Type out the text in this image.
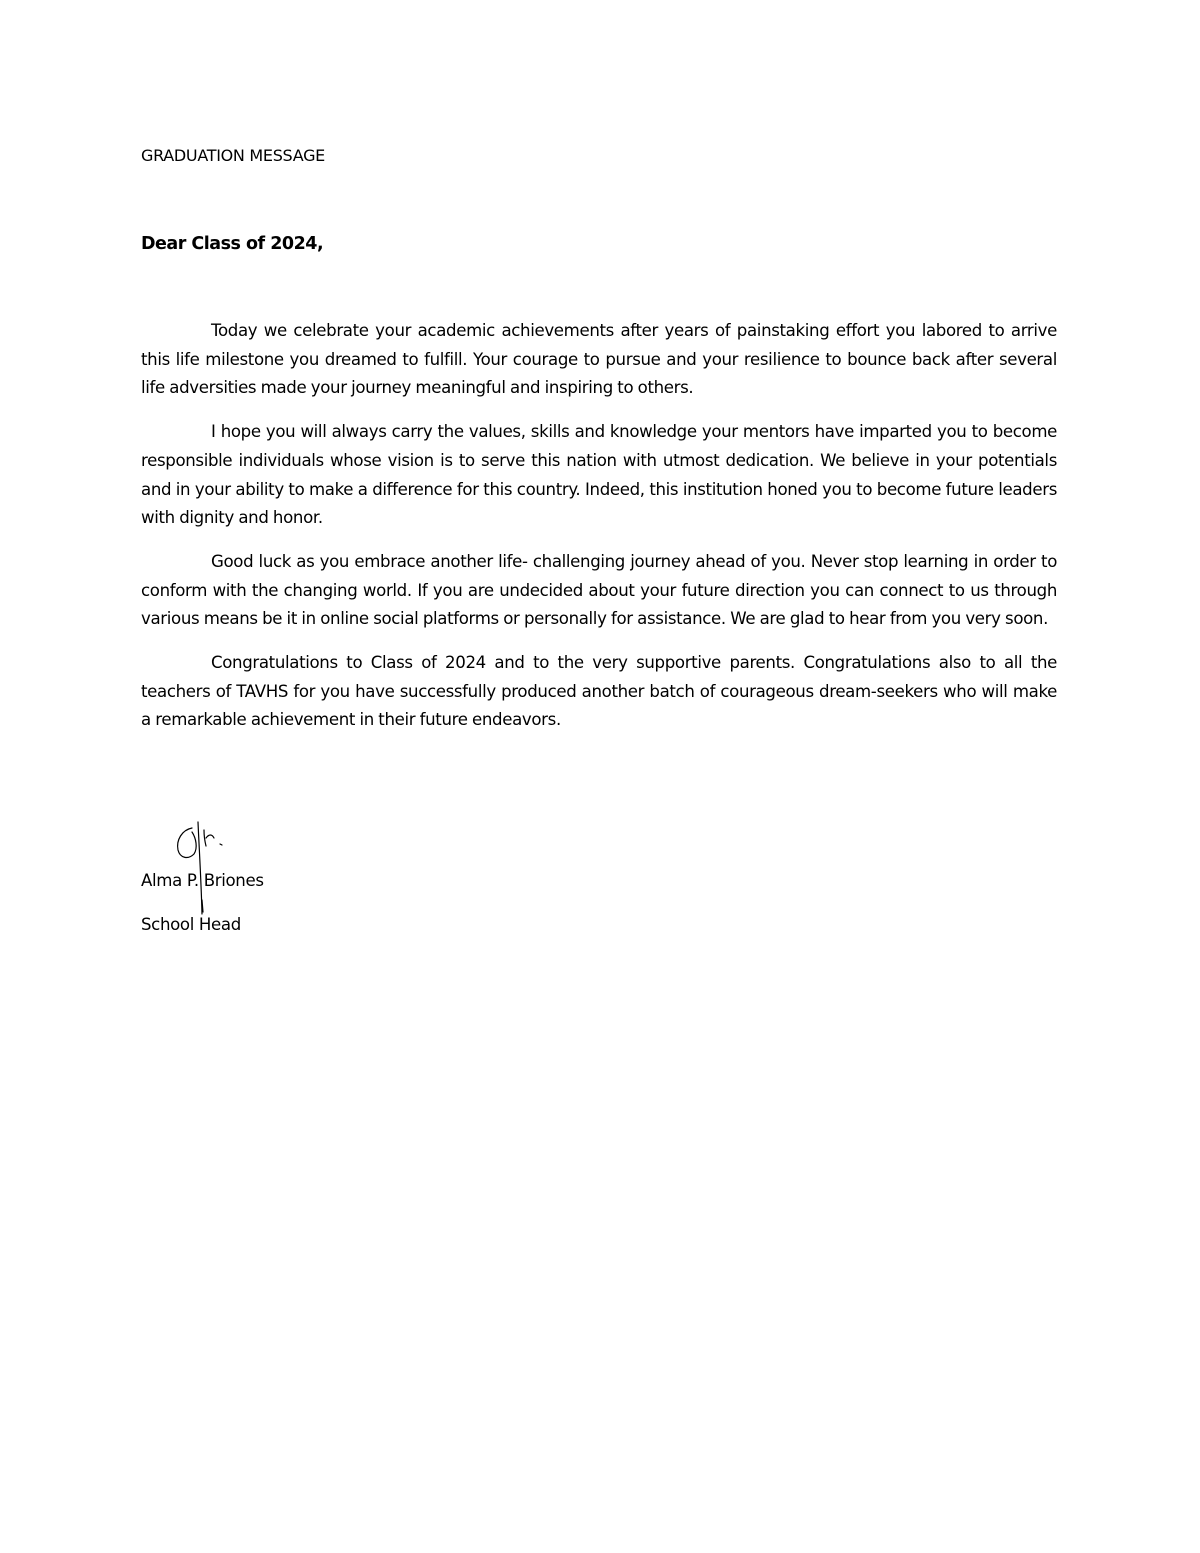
GRADUATION MESSAGE
Dear Class of 2024,

Today we celebrate your academic achievements after years of painstaking effort you labored to arrive this life milestone you dreamed to fulfill. Your courage to pursue and your resilience to bounce back after several life adversities made your journey meaningful and inspiring to others.

I hope you will always carry the values, skills and knowledge your mentors have imparted you to become responsible individuals whose vision is to serve this nation with utmost dedication. We believe in your potentials and in your ability to make a difference for this country. Indeed, this institution honed you to become future leaders with dignity and honor.

Good luck as you embrace another life- challenging journey ahead of you. Never stop learning in order to conform with the changing world. If you are undecided about your future direction you can connect to us through various means be it in online social platforms or personally for assistance. We are glad to hear from you very soon.

Congratulations to Class of 2024 and to the very supportive parents. Congratulations also to all the teachers of TAVHS for you have successfully produced another batch of courageous dream-seekers who will make a remarkable achievement in their future endeavors.

Alma P. Briones
School Head
